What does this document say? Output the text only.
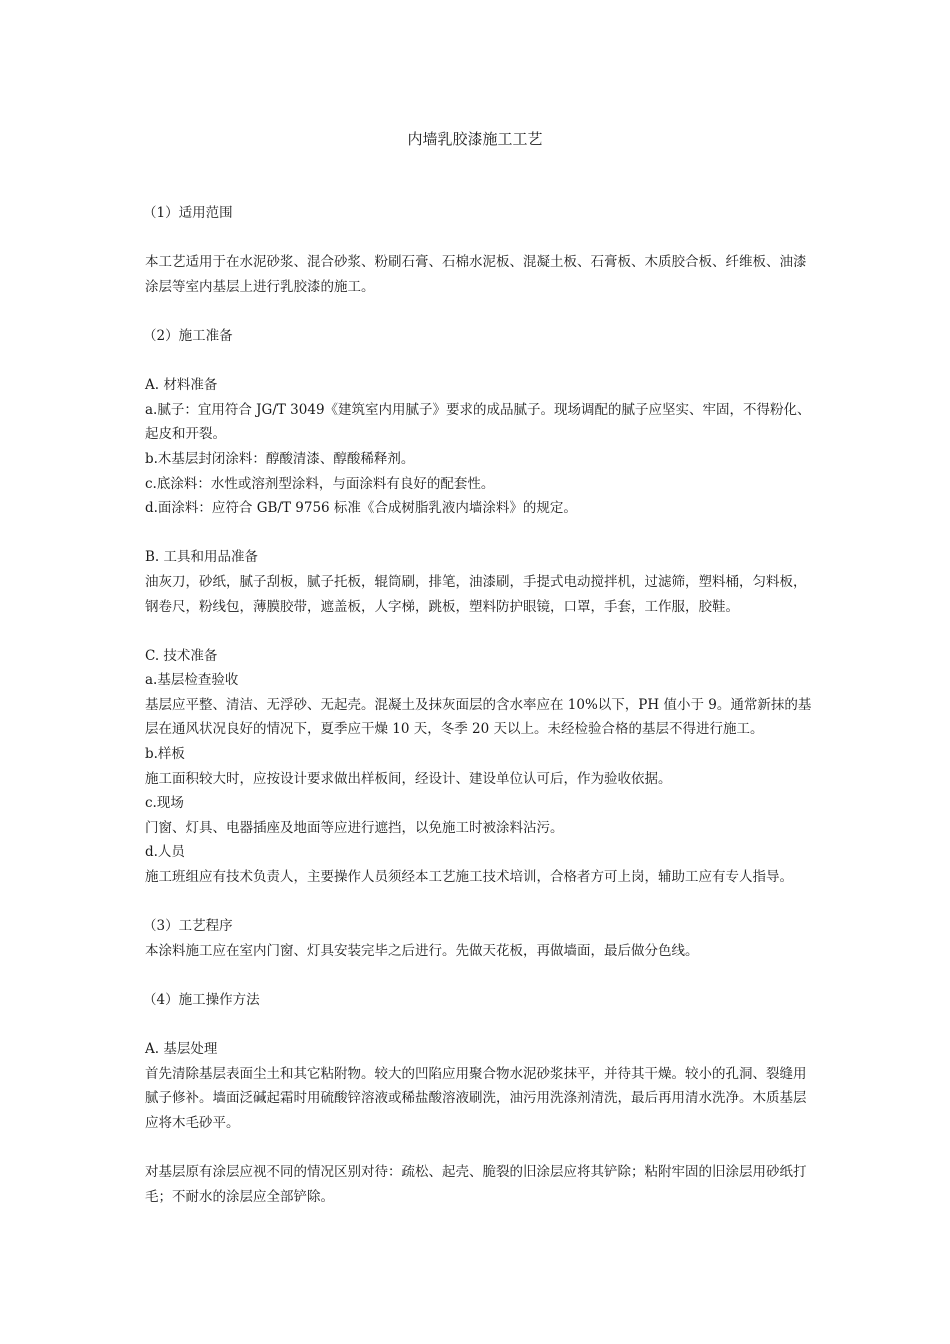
内墙乳胶漆施工工艺

（1）适用范围

本工艺适用于在水泥砂浆、混合砂浆、粉刷石膏、石棉水泥板、混凝土板、石膏板、木质胶合板、纤维板、油漆涂层等室内基层上进行乳胶漆的施工。

（2）施工准备

A. 材料准备

a.腻子：宜用符合 JG/T 3049《建筑室内用腻子》要求的成品腻子。现场调配的腻子应坚实、牢固，不得粉化、起皮和开裂。

b.木基层封闭涂料：醇酸清漆、醇酸稀释剂。

c.底涂料：水性或溶剂型涂料，与面涂料有良好的配套性。

d.面涂料：应符合 GB/T 9756 标准《合成树脂乳液内墙涂料》的规定。

B. 工具和用品准备

油灰刀，砂纸，腻子刮板，腻子托板，辊筒刷，排笔，油漆刷，手提式电动搅拌机，过滤筛，塑料桶，匀料板，钢卷尺，粉线包，薄膜胶带，遮盖板，人字梯，跳板，塑料防护眼镜，口罩，手套，工作服，胶鞋。

C. 技术准备

a.基层检查验收

基层应平整、清洁、无浮砂、无起壳。混凝土及抹灰面层的含水率应在 10%以下，PH 值小于 9。通常新抹的基层在通风状况良好的情况下，夏季应干燥 10 天，冬季 20 天以上。未经检验合格的基层不得进行施工。

b.样板

施工面积较大时，应按设计要求做出样板间，经设计、建设单位认可后，作为验收依据。

c.现场

门窗、灯具、电器插座及地面等应进行遮挡，以免施工时被涂料沾污。

d.人员

施工班组应有技术负责人，主要操作人员须经本工艺施工技术培训，合格者方可上岗，辅助工应有专人指导。

（3）工艺程序

本涂料施工应在室内门窗、灯具安装完毕之后进行。先做天花板，再做墙面，最后做分色线。

（4）施工操作方法

A. 基层处理

首先清除基层表面尘土和其它粘附物。较大的凹陷应用聚合物水泥砂浆抹平，并待其干燥。较小的孔洞、裂缝用腻子修补。墙面泛碱起霜时用硫酸锌溶液或稀盐酸溶液刷洗，油污用洗涤剂清洗，最后再用清水洗净。木质基层应将木毛砂平。

对基层原有涂层应视不同的情况区别对待：疏松、起壳、脆裂的旧涂层应将其铲除；粘附牢固的旧涂层用砂纸打毛；不耐水的涂层应全部铲除。
